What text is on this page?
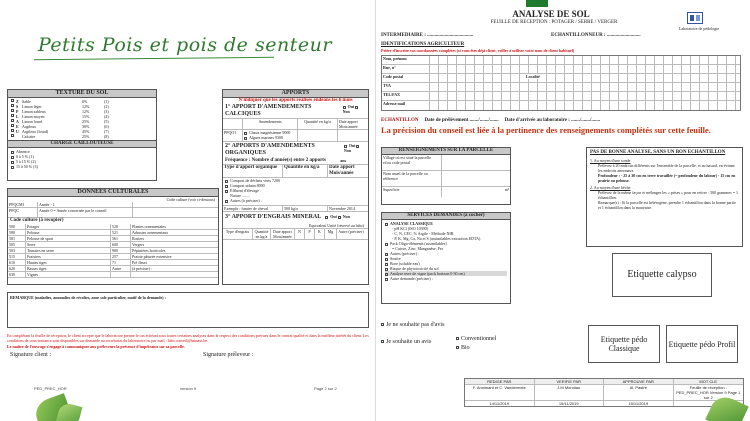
Petits Pois et pois de senteur
TEXTURE DU SOL
Z Sable	0%	(1)
S Limon léger	12%	(2)
P Limon sableux	12%	(3)
L Limon moyen	15%	(4)
A Limon lourd	25%	(5)
E Argileux	30%	(6)
U Argileux (lourd)	45%	(7)
Calcaire	25%	(8)
CHARGE CAILLOUTEUSE
Absence
0 à 5 % (1)
5 à 15 % (2)
15 à 50 % (3)
APPORTS
N'indiquer que les apports réalisés endéans les 6 mois
1° APPORT D'AMENDEMENTS CALCIQUES
Oui Non
Amendements	Quantité en kg/a	Date apport Mois/année
PPQO1	Chaux magnésienne 9000
Algues marines 9300
2° APPORTS D'AMENDEMENTS ORGANIQUES
Oui Non
Fréquence : Nombre d'année(s) entre 2 apports	ans
Type d'apport organique	Quantité en kg/a	Date apport Mois/année
Compost de déchets verts 7200
Compost urbain 8000
Effluent d'élevage :
Nature ........
Autres (à préciser) :
Exemple : fumier de cheval	500 kg/a	Novembre 2014
3° APPORT D'ENGRAIS MINERAL	Oui Non
Equivalent Unité (réservé au labo)
Type d'engrais	Quantité en kg/a
Date apport Mois/année
N	P	K	Mg	Autre (préciser)
DONNEES CULTURALES
Code culture (voir ci-dessous)
PPQCM1	Année - 1
PPQC	Année 0 = Année concernée par le conseil
Code culture (à recopier)
500	Potager	520	Plantes ornementales
580	Pelouse	521	Arbustes ornementaux
581	Pelouse de sport	561	Rosiers
505	Serre	600	Vergers
503	Tomates en serre	900	Pépinières horticoles
515	Fraisiers	257	Prairie pâturée extensive
610	Hautes tiges	71	Pré fleuri
620	Basses tiges	Autre	(à préciser) :
630	Vignes
REMARQUE (maladies, anomalies de récoltes, zone sole particulier, motif de la demande) :
En complétant la feuille de réception, le client accepte que le laboratoire prenne le cas échéant sous toutes certaines analyses dans le respect des conditions prévues dans le contrat qualité et dans la meilleur intérêt du client. Les conditions de sous-traitance sont disponibles sur demande au secrétariat du laboratoire ou par mail : labo.conseil@hainaut.be.
Le maître de l'ouvrage s'engage à communiquer aux préleveurs la présence d'impétrants sur sa parcelle.
Signature client :	Signature préleveur :
PED_PREC_HOR	version 9	Page 2 sur 2
ANALYSE DE SOL
FEUILLE DE RECEPTION : POTAGER / SERRE / VERGER
Laboratoire de pédologie
INTERMEDIAIRE : .....................................	ECHANTILLONNEUR : ...........................
IDENTIFICATIONS AGRICULTEUR
Prière d'inscrire vos coordonnées complètes (si vous êtes déjà client, veiller à utiliser votre nom de client habituel)
Nom, prénom
Rue, n°
Code postal	Localité
TVA
TEL/FAX
Adresse mail
ECHANTILLON Date de prélèvement ......./......./....... Date d'arrivée au laboratoire : ......./......./.......
La précision du conseil est liée à la pertinence des renseignements complétés sur cette feuille.
RENSEIGNEMENTS SUR LA PARCELLE
Village où est situé la parcelle et/ou code postal
Nom usuel de la parcelle ou référence
Superficie	m²
SERVICES DEMANDES (à cocher)
ANALYSE CLASSIQUE
- pH KCl (ISO 10390)
- C, N, CEC, % Argile - Méthode NIR
- P, K, Mg, Ca, Na et S (assimilables extraction EDTA)
Pack Oligo-éléments (assimilables)
= Cuivre, Zinc, Manganèse, Fer
Autres (préciser) :
Soufre
Bore (soluble eau)
Risque de phytotoxicité du sol
Analyse terre de vigne (pack horizon 0-30 cm)
Autre demande (préciser) :
PAS DE BONNE ANALYSE, SANS UN BON ECHANTILLON
1. Au moyen d'une sonde
Prélevez à 20 endroits différents sur l'ensemble de la parcelle, et au hasard, en évitant les endroits anormaux.
Profondeur : - 25 à 30 cm en terre travaillée (= profondeur du labour) - 15 cm en prairie ou pelouse.
2. Au moyen d'une bêche
Prélevez de la même façon et mélangez les « prises » pour en retirer : 500 grammes = 1 échantillon.
Remarque(s) : Si la parcelle est hétérogène, prendre 1 échantillon dans la bonne partie et 1 échantillon dans la mauvaise.
Etiquette calypso
Je ne souhaite pas d'avis
Je souhaite un avis	Conventionnel
Bio
Etiquette pédo Classique	Etiquette pédo Profil
REDIGE PAR	VERIFIE PAR	APPROUVE PAR	MOT CLE
F. Annimant et C. Vandermeie	J.M Mondiau	Al. Pastre	Feuille de réception : PED_PREC_HOR Version 9 Page 1 sur 2
14/11/2019	15/11/2019	15/11/2019
